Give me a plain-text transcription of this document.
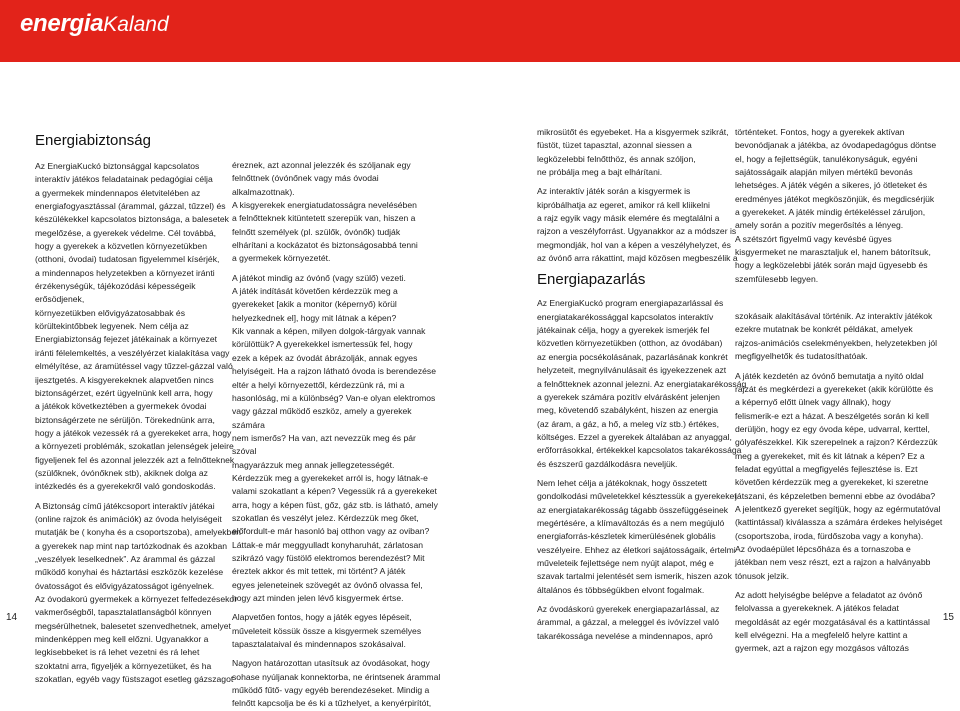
energiaKaland
Energiabiztonság

Az EnergiaKuckó biztonsággal kapcsolatos

interaktív játékos feladatainak pedagógiai célja

a gyermekek mindennapos életvitelében az

energiafogyasztással (árammal, gázzal, tűzzel) és

készülékekkel kapcsolatos biztonsága, a balesetek

megelőzése, a gyerekek védelme. Cél továbbá,

hogy a gyerekek a közvetlen környezetükben

(otthoni, óvodai) tudatosan figyelemmel kísérjék,

a mindennapos helyzetekben a környezet iránti

érzékenységük, tájékozódási képességeik erősödjenek,

környezetükben elővigyázatosabbak és

körültekintőbbek legyenek. Nem célja az

Energiabiztonság fejezet játékainak a környezet

iránti félelemkeltés, a veszélyérzet kialakítása vagy

elmélyítése, az áramütéssel vagy tűzzel-gázzal való

ijesztgetés. A kisgyerekeknek alapvetően nincs

biztonságérzet, ezért ügyelnünk kell arra, hogy

a játékok következtében a gyermekek óvodai

biztonságérzete ne sérüljön. Törekednünk arra,

hogy a játékok vezessék rá a gyerekeket arra, hogy

a környezeti problémák, szokatlan jelenségek jeleire

figyeljenek fel és azonnal jelezzék azt a felnőtteknek

(szülőknek, óvónőknek stb), akiknek dolga az

intézkedés és a gyerekekről való gondoskodás.

A Biztonság című játékcsoport interaktív játékai

(online rajzok és animációk) az óvoda helyiségeit

mutatják be ( konyha és a csoportszoba), amelyekben

a gyerekek nap mint nap tartózkodnak és azokban

„veszélyek leselkednek”. Az árammal és gázzal

működő konyhai és háztartási eszközök kezelése

óvatosságot és elővigyázatosságot igényelnek.

Az óvodakorú gyermekek a környezet felfedezésekor

vakmerőségből, tapasztalatlanságból könnyen

megsérülhetnek, balesetet szenvedhetnek, amelyet

mindenképpen meg kell előzni. Ugyanakkor a

legkisebbeket is rá lehet vezetni és rá lehet

szoktatni arra, figyeljék a környezetüket, és ha

szokatlan, egyéb vagy füstszagot esetleg gázszagot

éreznek, azt azonnal jelezzék és szóljanak egy

felnőttnek (óvónőnek vagy más óvodai alkalmazottnak).

A kisgyerekek energiatudatosságra nevelésében

a felnőtteknek kitüntetett szerepük van, hiszen a

felnőtt személyek (pl. szülők, óvónők) tudják

elhárítani a kockázatot és biztonságosabbá tenni

a gyermekek környezetét.

A játékot mindig az óvónő (vagy szülő) vezeti.

A játék indítását követően kérdezzük meg a

gyerekeket [akik a monitor (képernyő) körül

helyezkednek el], hogy mit látnak a képen?

Kik vannak a képen, milyen dolgok-tárgyak vannak

körülöttük? A gyerekekkel ismertessük fel, hogy

ezek a képek az óvodát ábrázolják, annak egyes

helyiségeit. Ha a rajzon látható óvoda is berendezése

eltér a helyi környezettől, kérdezzünk rá, mi a

hasonlóság, mi a különbség? Van-e olyan elektromos

vagy gázzal működő eszköz, amely a gyerekek számára

nem ismerős? Ha van, azt nevezzük meg és pár szóval

magyarázzuk meg annak jellegzetességét.

Kérdezzük meg a gyerekeket arról is, hogy látnak-e

valami szokatlant a képen? Vegessük rá a gyerekeket

arra, hogy a képen füst, gőz, gáz stb. is látható, amely

szokatlan és veszélyt jelez. Kérdezzük meg őket,

előfordult-e már hasonló baj otthon vagy az oviban?

Láttak-e már meggyulladt konyharuhát, zárlatosan

szikrázó vagy füstölő elektromos berendezést? Mit

éreztek akkor és mit tettek, mi történt? A játék

egyes jeleneteinek szövegét az óvónő olvassa fel,

hogy azt minden jelen lévő kisgyermek értse.

Alapvetően fontos, hogy a játék egyes lépéseit,

műveleteit kössük össze a kisgyermek személyes

tapasztalataival és mindennapos szokásaival.

Nagyon határozottan utasítsuk az óvodásokat, hogy

sohase nyúljanak konnektorba, ne érintsenek árammal

működő fűtő- vagy egyéb berendezéseket. Mindig a

felnőtt kapcsolja be és ki a tűzhelyet, a kenyérpirítót,

mikrosütőt és egyebeket. Ha a kisgyermek szikrát,

füstöt, tüzet tapasztal, azonnal siessen a

legközelebbi felnőtthöz, és annak szóljon,

ne próbálja meg a bajt elhárítani.

Az interaktív játék során a kisgyermek is

kipróbálhatja az egeret, amikor rá kell kliikelni

a rajz egyik vagy másik elemére és megtalálni a

rajzon a veszélyforrást. Ugyanakkor az a módszer is

megmondják, hol van a képen a veszélyhelyzet, és

az óvónő arra rákattint, majd közösen megbeszélik a

Energiapazarlás

Az EnergiaKuckó program energiapazarlással és

energiatakarékossággal kapcsolatos interaktív

játékainak célja, hogy a gyerekek ismerjék fel

közvetlen környezetükben (otthon, az óvodában)

az energia pocsékolásának, pazarlásának konkrét

helyzeteit, megnyilvánulásait és igyekezzenek azt

a felnőtteknek azonnal jelezni. Az energiatakarékosság

a gyerekek számára pozitív elvárásként jelenjen

meg, követendő szabályként, hiszen az energia

(az áram, a gáz, a hő, a meleg víz stb.) értékes,

költséges. Ezzel a gyerekek általában az anyaggal,

erőforrásokkal, értékekkel kapcsolatos takarékossága

és észszerű gazdálkodásra neveljük.

Nem lehet célja a játékoknak, hogy összetett

gondolkodási műveletekkel késztessük a gyerekeket

az energiatakarékosság tágabb összefüggéseinek

megértésére, a klímaváltozás és a nem megújuló

energiaforrás-készletek kimerülésének globális

veszélyeire. Ehhez az életkori sajátosságaik, értelmi

műveleteik fejlettsége nem nyújt alapot, még e

szavak tartalmi jelentését sem ismerik, hiszen azok

általános és többségükben elvont fogalmak.

Az óvodáskorú gyerekek energiapazarlással, az

árammal, a gázzal, a meleggel és ivóvízzel való

takarékossága nevelése a mindennapos, apró

történteket. Fontos, hogy a gyerekek aktívan

bevonódjanak a játékba, az óvodapedagógus döntse

el, hogy a fejlettségük, tanulékonyságuk, egyéni

sajátosságaik alapján milyen mértékű bevonás

lehetséges. A játék végén a sikeres, jó ötleteket és

eredményes játékot megköszönjük, és megdicsérjük

a gyerekeket. A játék mindig értékeléssel záruljon,

amely során a pozitív megerősítés a lényeg.

A szétszórt figyelmű vagy kevésbé ügyes

kisgyermeket ne marasztaljuk el, hanem bátorítsuk,

hogy a legközelebbi játék során majd ügyesebb és

szemfülesebb legyen.

szokásaik alakításával történik. Az interaktív játékok

ezekre mutatnak be konkrét példákat, amelyek

rajzos-animációs cselekményekben, helyzetekben jól

megfigyelhetők és tudatosíthatóak.

A játék kezdetén az óvónő bemutatja a nyitó oldal

rajzát és megkérdezi a gyerekeket (akik körülötte és

a képernyő előtt ülnek vagy állnak), hogy

felismerik-e ezt a házat. A beszélgetés során ki kell

derüljön, hogy ez egy óvoda képe, udvarral, kerttel,

gólyafészekkel. Kik szerepelnek a rajzon? Kérdezzük

meg a gyerekeket, mit és kit látnak a képen? Ez a

feladat egyúttal a megfigyelés fejlesztése is. Ezt

követően kérdezzük meg a gyerekeket, ki szeretne

játszani, és képzeletben bemenni ebbe az óvodába?

A jelentkező gyereket segítjük, hogy az egérmutatóval

(kattintással) kiválassza a számára érdekes helyiséget

(csoportszoba, iroda, fürdőszoba vagy a konyha).

Az óvodaépület lépcsőháza és a tornaszoba e

játékban nem vesz részt, ezt a rajzon a halványabb

tónusok jelzik.

Az adott helyiségbe belépve a feladatot az óvónő

felolvassa a gyerekeknek. A játékos feladat

megoldását az egér mozgatásával és a kattintással

kell elvégezni. Ha a megfelelő helyre kattint a

gyermek, azt a rajzon egy mozgásos változás

14	15
